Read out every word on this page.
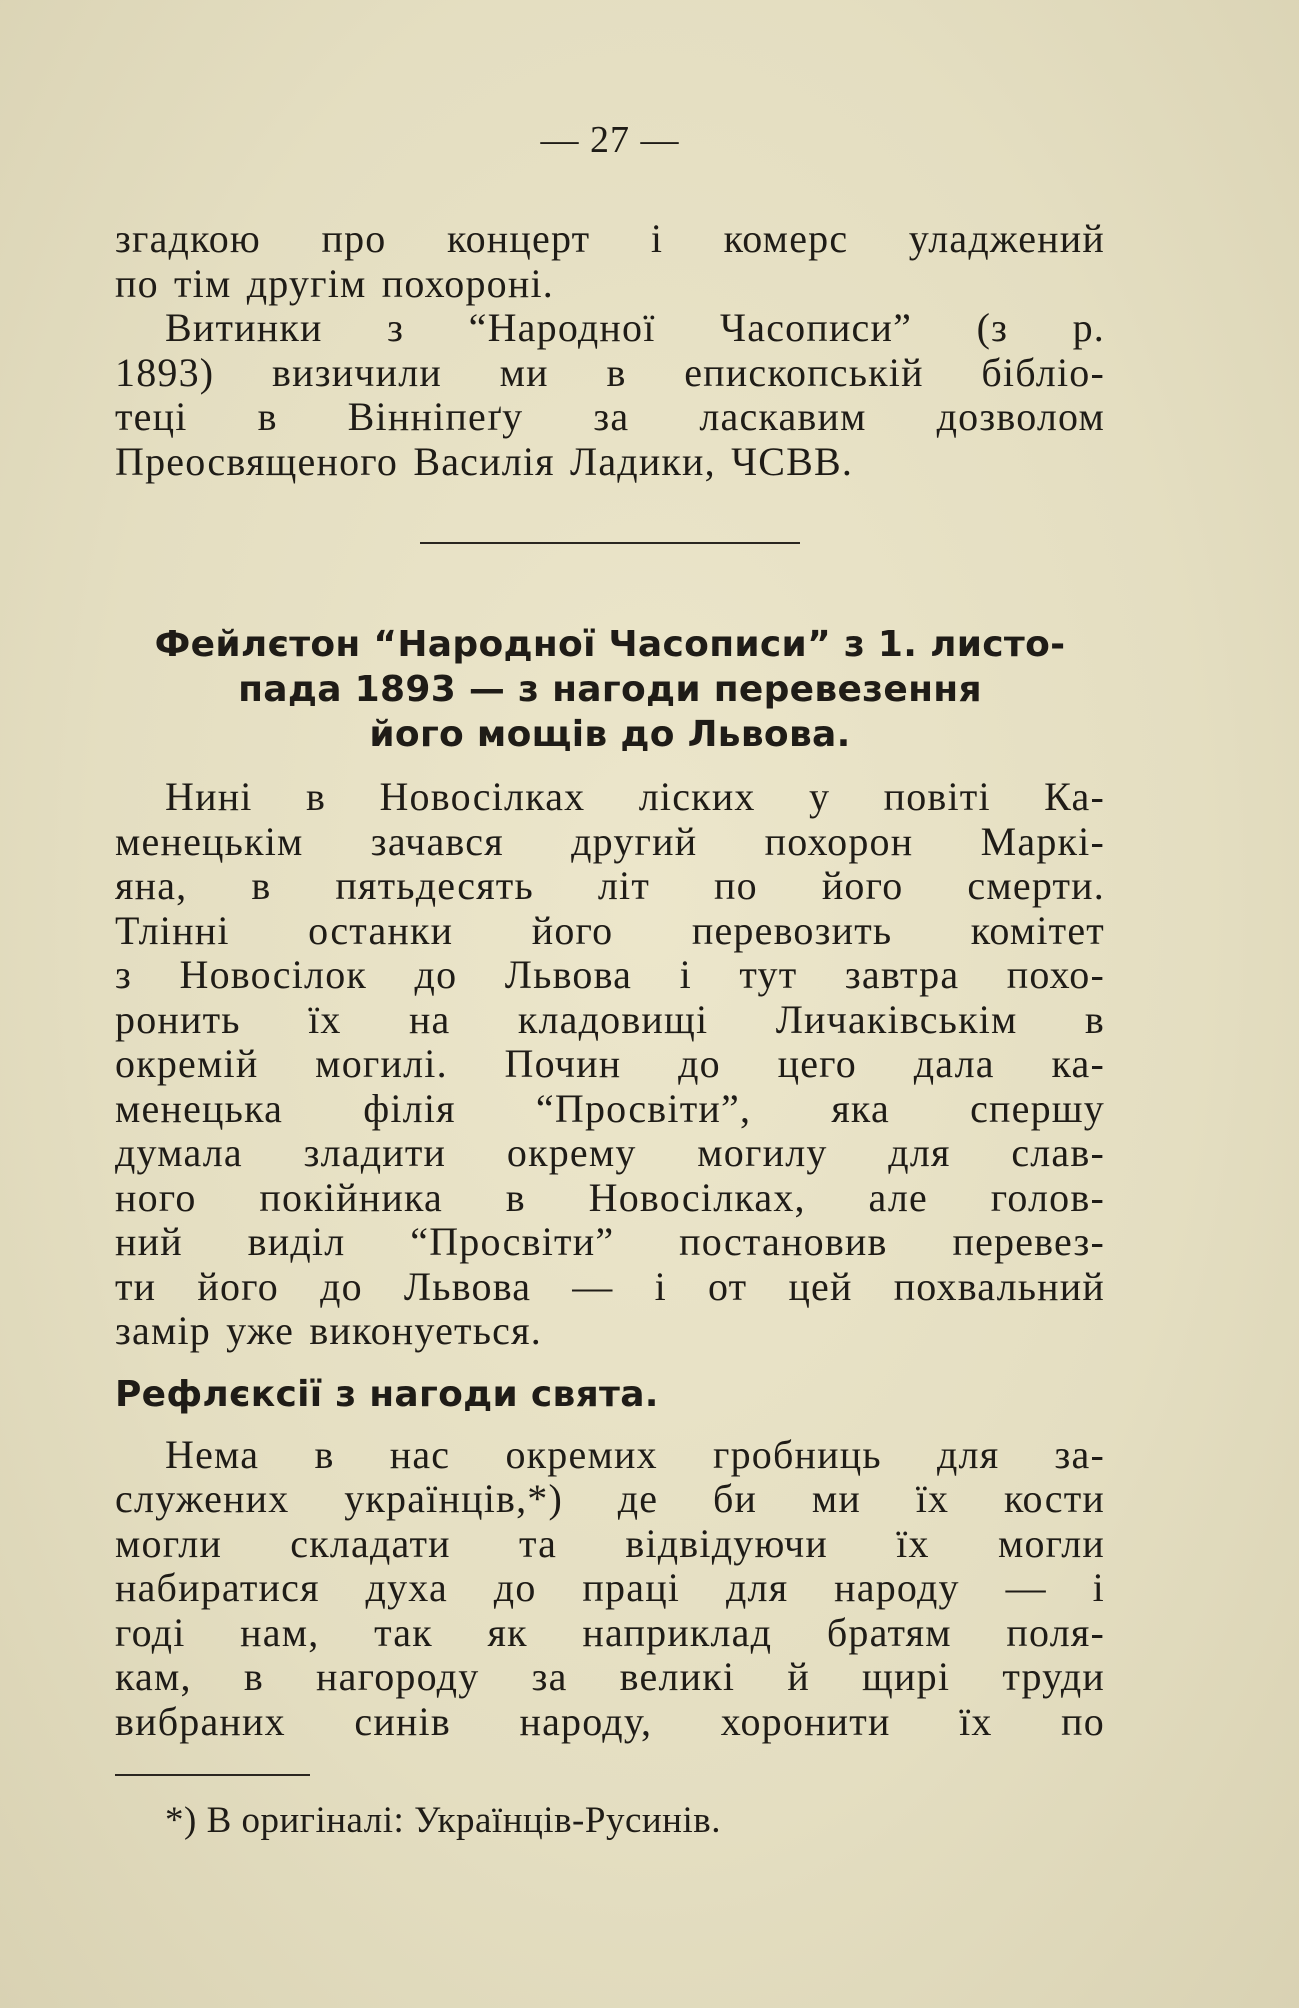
— 27 —
згадкою про концерт і комерс уладжений
по тім другім похороні.
Витинки з “Народної Часописи” (з р.
1893) визичили ми в епископській бібліо-
теці в Вінніпеґу за ласкавим дозволом
Преосвященого Василія Ладики, ЧСВВ.
Фейлєтон “Народної Часописи” з 1. листо-
пада 1893 — з нагоди перевезення
його мощів до Львова.
Нині в Новосілках ліских у повіті Ка-
менецькім зачався другий похорон Маркі-
яна, в пятьдесять літ по його смерти.
Тлінні останки його перевозить комітет
з Новосілок до Львова і тут завтра похо-
ронить їх на кладовищі Личаківськім в
окремій могилі. Почин до цего дала ка-
менецька філія “Просвіти”, яка спершу
думала зладити окрему могилу для слав-
ного покійника в Новосілках, але голов-
ний виділ “Просвіти” постановив перевез-
ти його до Львова — і от цей похвальний
замір уже виконуеться.
Рефлєксії з нагоди свята.
Нема в нас окремих гробниць для за-
служених українців,*) де би ми їх кости
могли складати та відвідуючи їх могли
набиратися духа до праці для народу — і
годі нам, так як наприклад братям поля-
кам, в нагороду за великі й щирі труди
вибраних синів народу, хоронити їх по
*) В оригіналі: Українців-Русинів.
